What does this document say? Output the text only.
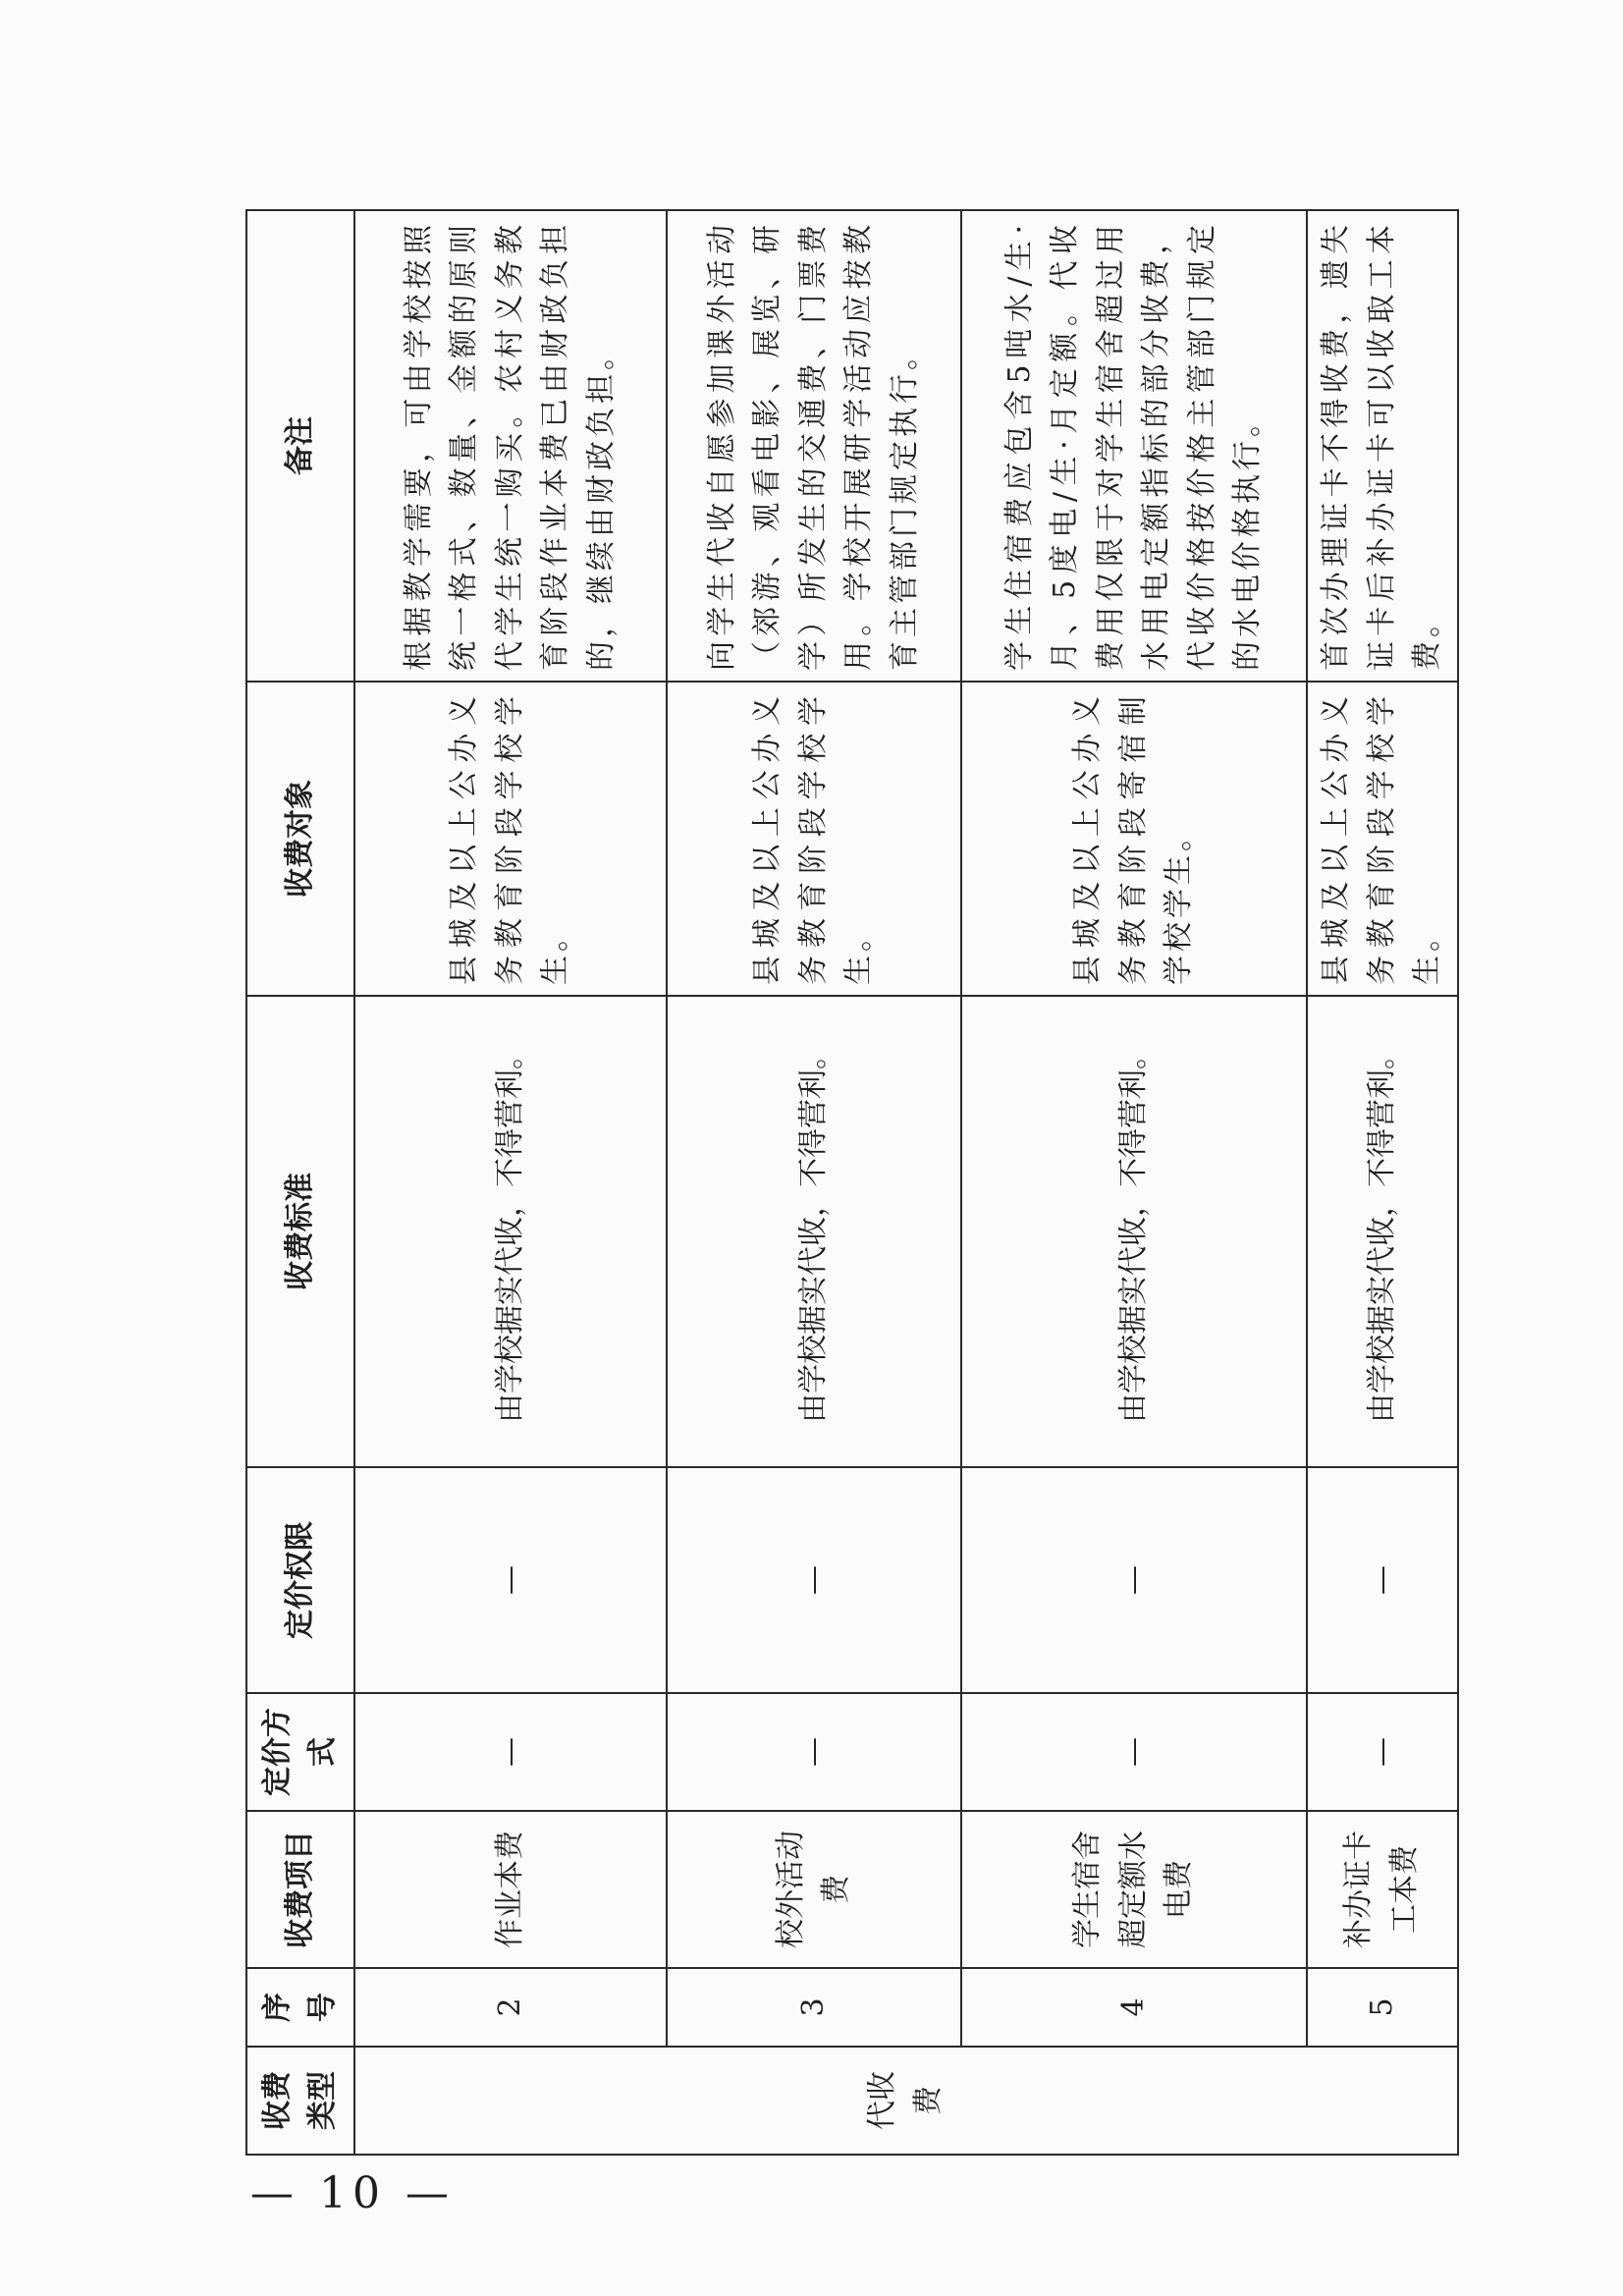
收费类型	序号	收费项目	定价方式	定价权限	收费标准	收费对象	备注
代收费	2	作业本费	—	—	由学校据实代收，不得营利。	县城及以上公办义务教育阶段学校学生。	根据教学需要，可由学校按照统一格式、数量、金额的原则代学生统一购买。农村义务教育阶段作业本费已由财政负担的，继续由财政负担。
	3	校外活动费	—	—	由学校据实代收，不得营利。	县城及以上公办义务教育阶段学校学生。	向学生代收自愿参加课外活动（郊游、观看电影、展览、研学）所发生的交通费、门票费用。学校开展研学活动应按教育主管部门规定执行。
	4	学生宿舍超定额水电费	—	—	由学校据实代收，不得营利。	县城及以上公办义务教育阶段寄宿制学校学生。	学生住宿费应包含5吨水/生·月、5度电/生·月定额。代收费用仅限于对学生宿舍超过用水用电定额指标的部分收费，代收价格按价格主管部门规定的水电价格执行。
	5	补办证卡工本费	—	—	由学校据实代收，不得营利。	县城及以上公办义务教育阶段学校学生。	首次办理证卡不得收费，遗失证卡后补办证卡可以收取工本费。
— 10 —
